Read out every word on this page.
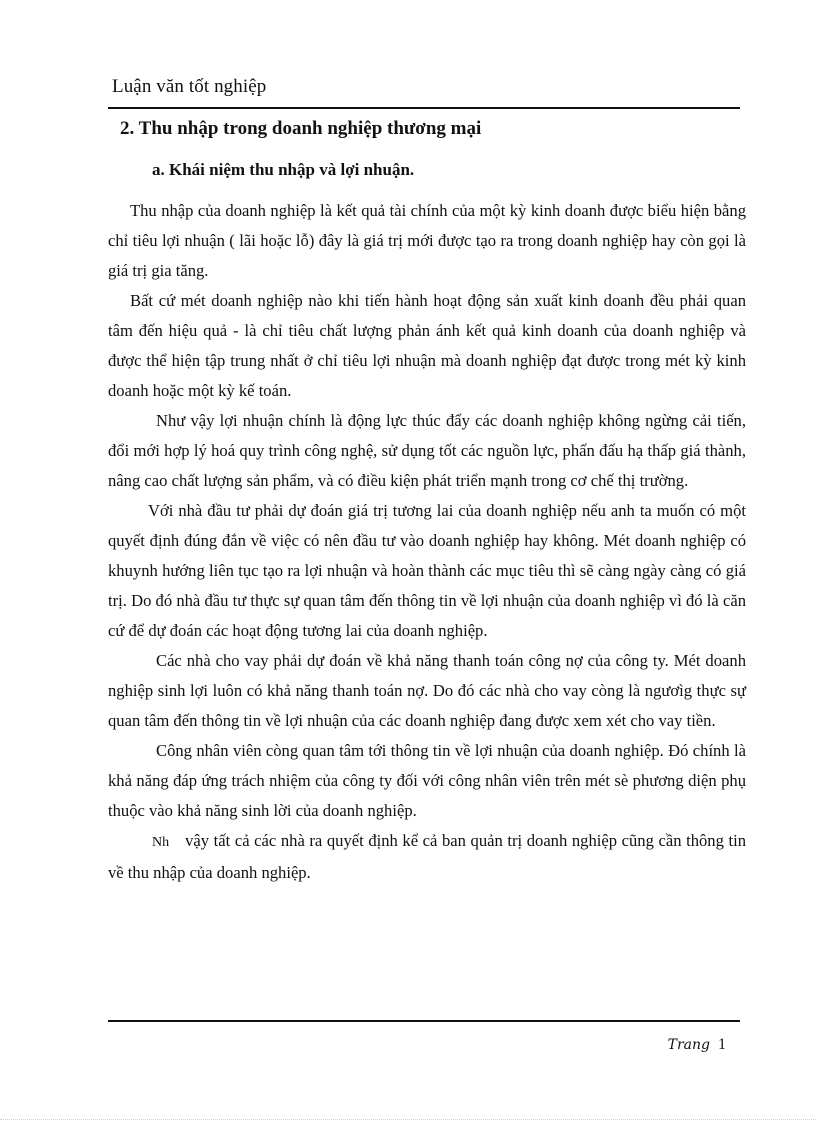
Luận văn tốt nghiệp
2. Thu nhập trong doanh nghiệp thương mại
a. Khái niệm thu nhập và lợi nhuận.

Thu nhập của doanh nghiệp là kết quả tài chính của một kỳ kinh doanh được biểu hiện bằng chỉ tiêu lợi nhuận ( lãi hoặc lỗ) đây là giá trị mới được tạo ra trong doanh nghiệp hay còn gọi là giá trị gia tăng.

Bất cứ mét doanh nghiệp nào khi tiến hành hoạt động sản xuất kinh doanh đều phải quan tâm đến hiệu quả - là chỉ tiêu chất lượng phản ánh kết quả kinh doanh của doanh nghiệp và được thể hiện tập trung nhất ở chỉ tiêu lợi nhuận mà doanh nghiệp đạt được trong mét kỳ kinh doanh hoặc một kỳ kế toán.

Như vậy lợi nhuận chính là động lực thúc đẩy các doanh nghiệp không ngừng cải tiến, đổi mới hợp lý hoá quy trình công nghệ, sử dụng tốt các nguồn lực, phấn đấu hạ thấp giá thành, nâng cao chất lượng sản phẩm, và có điều kiện phát triển mạnh trong cơ chế thị trường.

Với nhà đầu tư phải dự đoán giá trị tương lai của doanh nghiệp nếu anh ta muốn có một quyết định đúng đắn về việc có nên đầu tư vào doanh nghiệp hay không. Mét doanh nghiệp có khuynh hướng liên tục tạo ra lợi nhuận và hoàn thành các mục tiêu thì sẽ càng ngày càng có giá trị. Do đó nhà đầu tư thực sự quan tâm đến thông tin về lợi nhuận của doanh nghiệp vì đó là căn cứ để dự đoán các hoạt động tương lai của doanh nghiệp.

Các nhà cho vay phải dự đoán về khả năng thanh toán công nợ của công ty. Mét doanh nghiệp sinh lợi luôn có khả năng thanh toán nợ. Do đó các nhà cho vay còng là ngươìg thực sự quan tâm đến thông tin về lợi nhuận của các doanh nghiệp đang được xem xét cho vay tiền.

Công nhân viên còng quan tâm tới thông tin về lợi nhuận của doanh nghiệp. Đó chính là khả năng đáp ứng trách nhiệm của công ty đối với công nhân viên trên mét sè phương diện phụ thuộc vào khả năng sinh lời của doanh nghiệp.

Nh vậy tất cả các nhà ra quyết định kể cả ban quản trị doanh nghiệp cũng cần thông tin về thu nhập của doanh nghiệp.

Trang 1
